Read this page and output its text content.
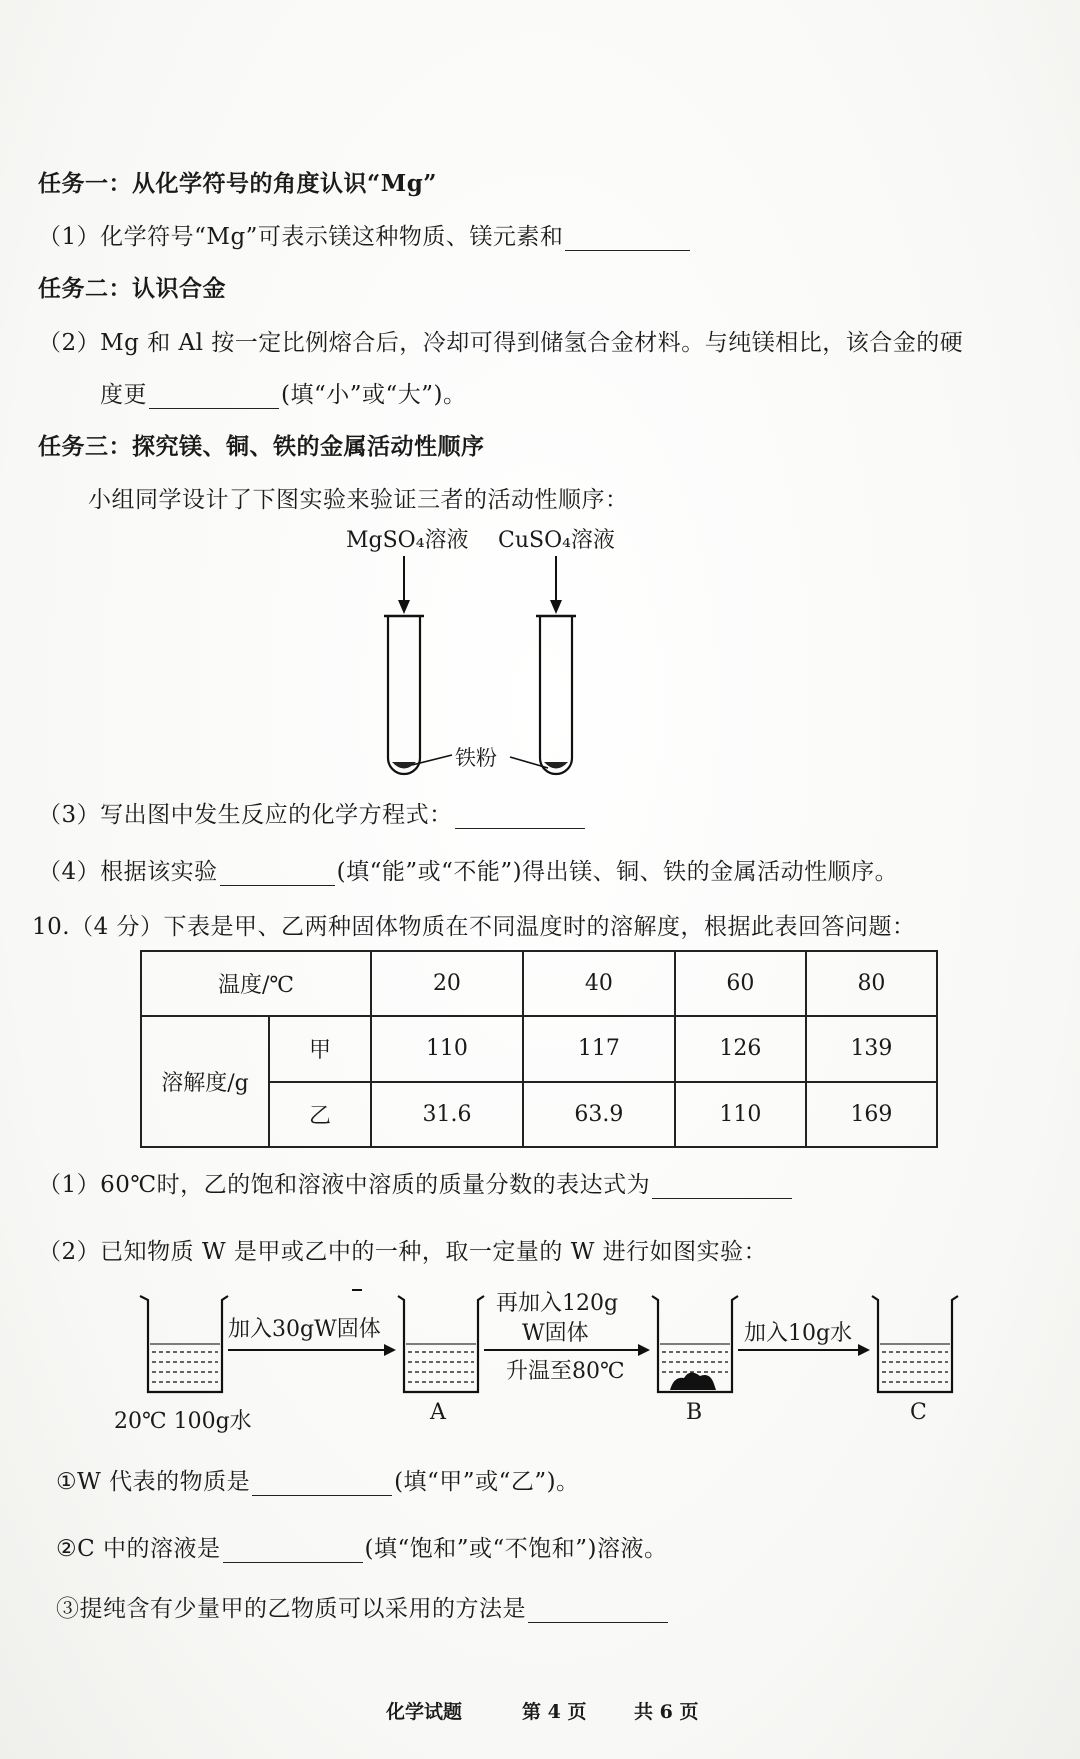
任务一：从化学符号的角度认识“Mg”
（1）化学符号“Mg”可表示镁这种物质、镁元素和
任务二：认识合金
（2）Mg 和 Al 按一定比例熔合后，冷却可得到储氢合金材料。与纯镁相比，该合金的硬
度更	(填“小”或“大”)。
任务三：探究镁、铜、铁的金属活动性顺序
小组同学设计了下图实验来验证三者的活动性顺序：
MgSO₄溶液 CuSO₄溶液
铁粉
（3）写出图中发生反应的化学方程式：
（4）根据该实验	(填“能”或“不能”)得出镁、铜、铁的金属活动性顺序。
10.（4 分）下表是甲、乙两种固体物质在不同温度时的溶解度，根据此表回答问题：
温度/℃		20	40	60	80
溶解度/g	甲	110	117	126	139
	乙	31.6	63.9	110	169
（1）60℃时，乙的饱和溶液中溶质的质量分数的表达式为
（2）已知物质 W 是甲或乙中的一种，取一定量的 W 进行如图实验：
加入30gW固体
再加入120g
W固体
升温至80℃
加入10g水
20℃ 100g水	A	B	C
①W 代表的物质是	(填“甲”或“乙”)。
②C 中的溶液是	(填“饱和”或“不饱和”)溶液。
③提纯含有少量甲的乙物质可以采用的方法是
化学试题	第 4 页	共 6 页
